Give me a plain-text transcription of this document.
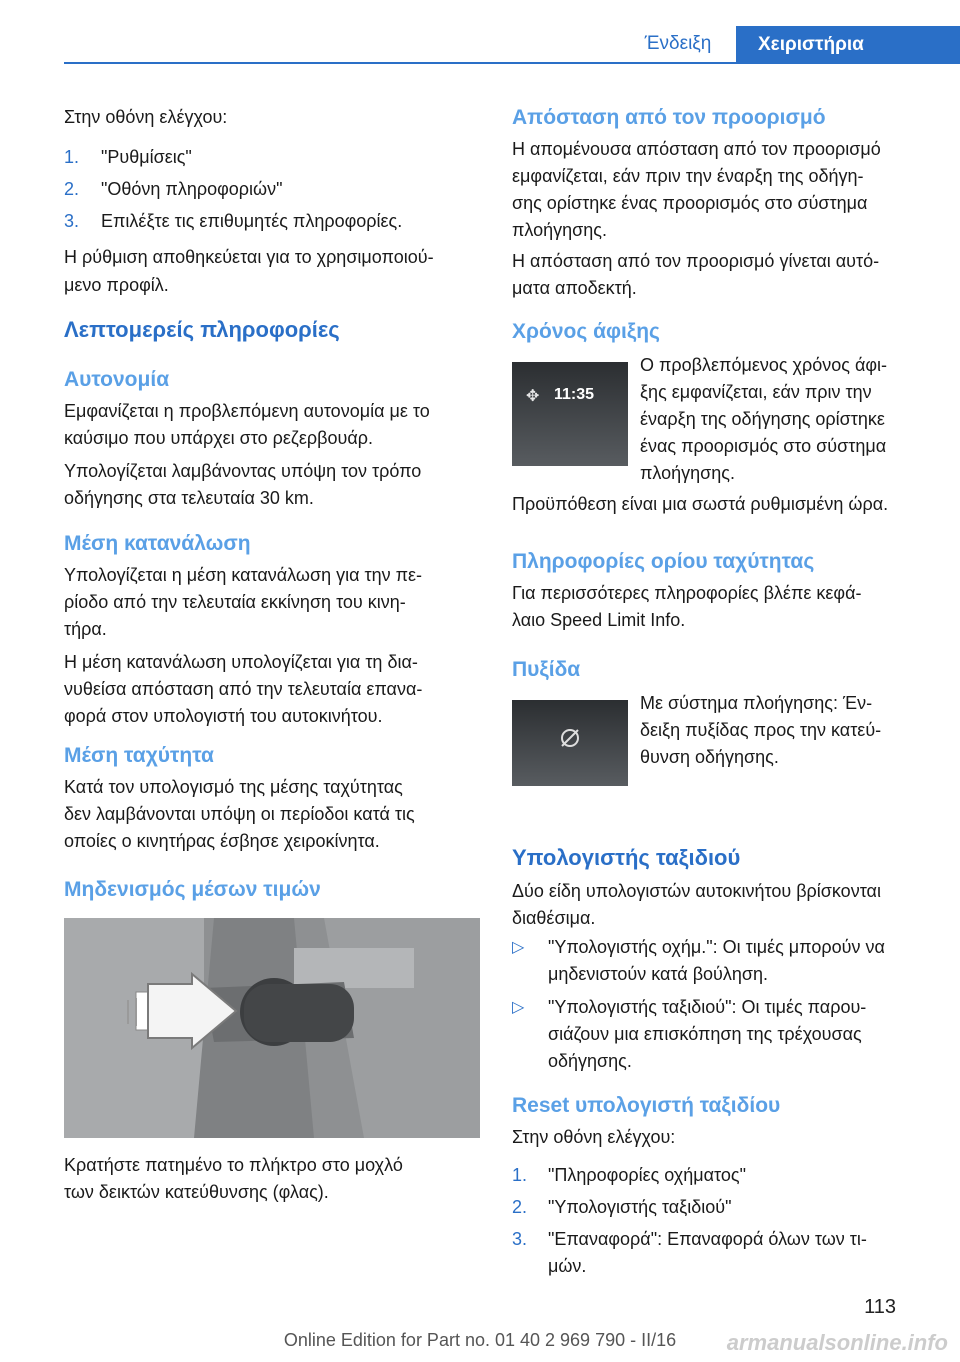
Ένδειξη	Χειριστήρια
Στην οθόνη ελέγχου:
1. "Ρυθμίσεις"
2. "Οθόνη πληροφοριών"
3. Επιλέξτε τις επιθυμητές πληροφορίες.
Η ρύθμιση αποθηκεύεται για το χρησιμοποιού-
μενο προφίλ.
Λεπτομερείς πληροφορίες
Αυτονομία
Εμφανίζεται η προβλεπόμενη αυτονομία με το
καύσιμο που υπάρχει στο ρεζερβουάρ.
Υπολογίζεται λαμβάνοντας υπόψη τον τρόπο
οδήγησης στα τελευταία 30 km.
Μέση κατανάλωση
Υπολογίζεται η μέση κατανάλωση για την πε-
ρίοδο από την τελευταία εκκίνηση του κινη-
τήρα.
Η μέση κατανάλωση υπολογίζεται για τη δια-
νυθείσα απόσταση από την τελευταία επανα-
φορά στον υπολογιστή του αυτοκινήτου.
Μέση ταχύτητα
Κατά τον υπολογισμό της μέσης ταχύτητας
δεν λαμβάνονται υπόψη οι περίοδοι κατά τις
οποίες ο κινητήρας έσβησε χειροκίνητα.
Μηδενισμός μέσων τιμών
Κρατήστε πατημένο το πλήκτρο στο μοχλό
των δεικτών κατεύθυνσης (φλας).
Απόσταση από τον προορισμό
Η απομένουσα απόσταση από τον προορισμό
εμφανίζεται, εάν πριν την έναρξη της οδήγη-
σης ορίστηκε ένας προορισμός στο σύστημα
πλοήγησης.
Η απόσταση από τον προορισμό γίνεται αυτό-
ματα αποδεκτή.
Χρόνος άφιξης
✥ 11:35
Ο προβλεπόμενος χρόνος άφι-
ξης εμφανίζεται, εάν πριν την
έναρξη της οδήγησης ορίστηκε
ένας προορισμός στο σύστημα
πλοήγησης.
Προϋπόθεση είναι μια σωστά ρυθμισμένη ώρα.
Πληροφορίες ορίου ταχύτητας
Για περισσότερες πληροφορίες βλέπε κεφά-
λαιο Speed Limit Info.
Πυξίδα
Με σύστημα πλοήγησης: Έν-
δειξη πυξίδας προς την κατεύ-
θυνση οδήγησης.
Υπολογιστής ταξιδιού
Δύο είδη υπολογιστών αυτοκινήτου βρίσκονται
διαθέσιμα.
▷ "Υπολογιστής οχήμ.": Οι τιμές μπορούν να
μηδενιστούν κατά βούληση.
▷ "Υπολογιστής ταξιδιού": Οι τιμές παρου-
σιάζουν μια επισκόπηση της τρέχουσας
οδήγησης.
Reset υπολογιστή ταξιδίου
Στην οθόνη ελέγχου:
1. "Πληροφορίες οχήματος"
2. "Υπολογιστής ταξιδιού"
3. "Επαναφορά": Επαναφορά όλων των τι-
μών.
113
Online Edition for Part no. 01 40 2 969 790 - II/16	armanualsonline.info
